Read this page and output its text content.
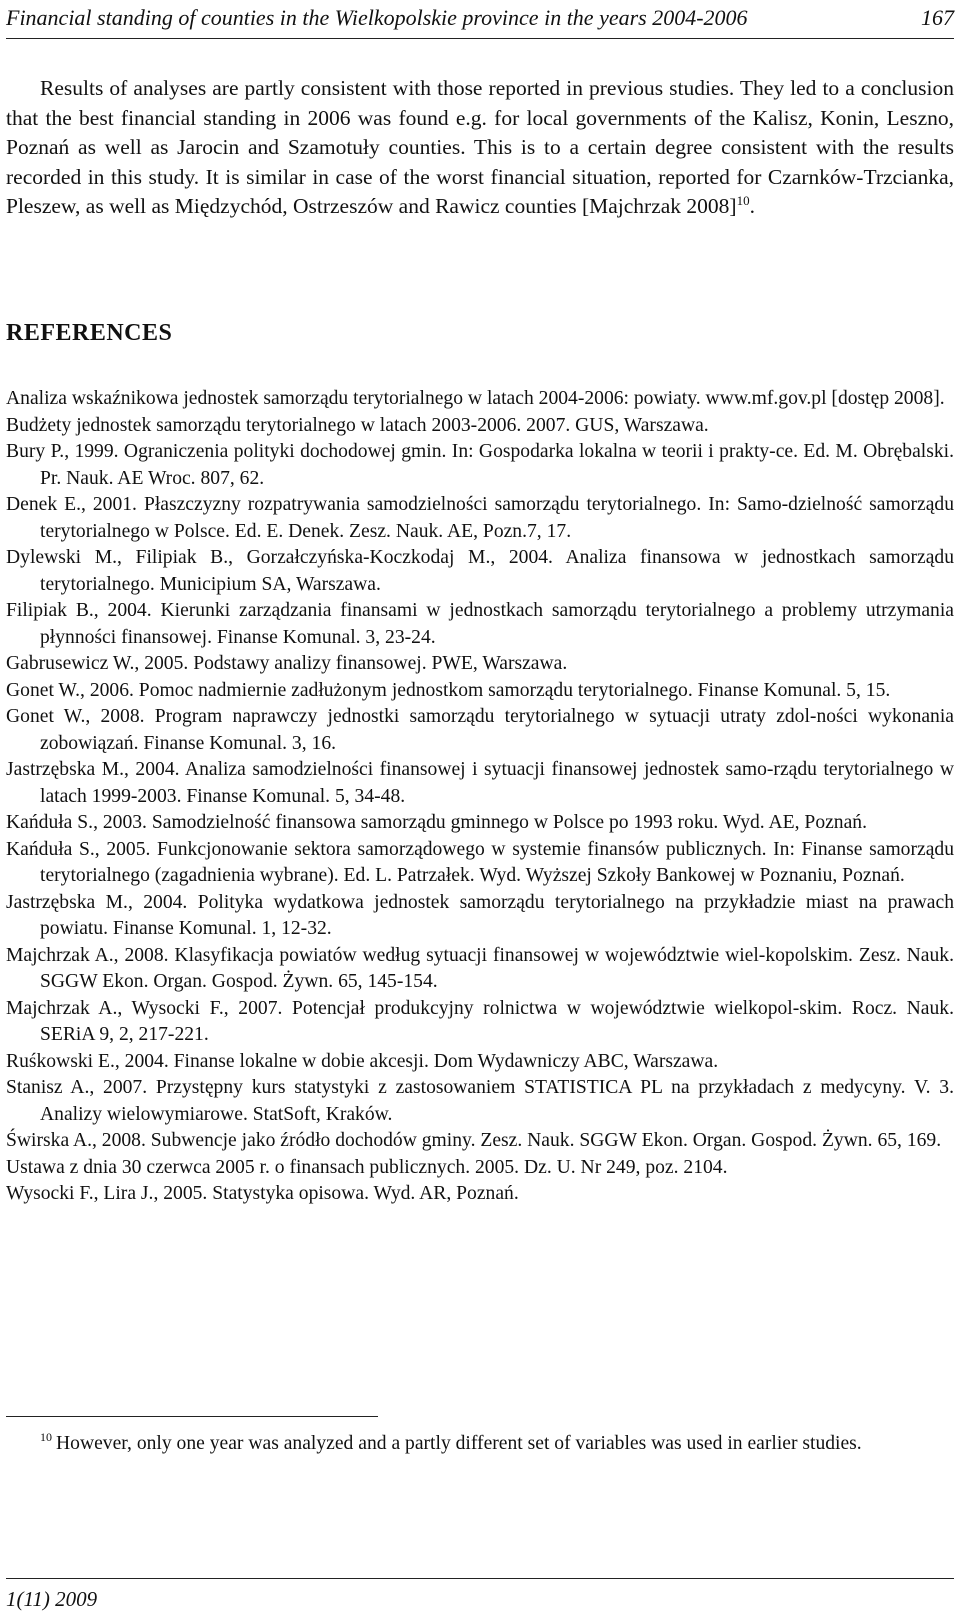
Financial standing of counties in the Wielkopolskie province in the years 2004-2006	167

Results of analyses are partly consistent with those reported in previous studies. They led to a conclusion that the best financial standing in 2006 was found e.g. for local governments of the Kalisz, Konin, Leszno, Poznań as well as Jarocin and Szamotuły counties. This is to a certain degree consistent with the results recorded in this study. It is similar in case of the worst financial situation, reported for Czarnków-Trzcianka, Pleszew, as well as Międzychód, Ostrzeszów and Rawicz counties [Majchrzak 2008]$^{10}$.

REFERENCES
Analiza wskaźnikowa jednostek samorządu terytorialnego w latach 2004-2006: powiaty. www.mf.gov.pl [dostęp 2008].
Budżety jednostek samorządu terytorialnego w latach 2003-2006. 2007. GUS, Warszawa.
Bury P., 1999. Ograniczenia polityki dochodowej gmin. In: Gospodarka lokalna w teorii i prakty-ce. Ed. M. Obrębalski. Pr. Nauk. AE Wroc. 807, 62.
Denek E., 2001. Płaszczyzny rozpatrywania samodzielności samorządu terytorialnego. In: Samo-dzielność samorządu terytorialnego w Polsce. Ed. E. Denek. Zesz. Nauk. AE, Pozn.7, 17.
Dylewski M., Filipiak B., Gorzałczyńska-Koczkodaj M., 2004. Analiza finansowa w jednostkach samorządu terytorialnego. Municipium SA, Warszawa.
Filipiak B., 2004. Kierunki zarządzania finansami w jednostkach samorządu terytorialnego a problemy utrzymania płynności finansowej. Finanse Komunal. 3, 23-24.
Gabrusewicz W., 2005. Podstawy analizy finansowej. PWE, Warszawa.
Gonet W., 2006. Pomoc nadmiernie zadłużonym jednostkom samorządu terytorialnego. Finanse Komunal. 5, 15.
Gonet W., 2008. Program naprawczy jednostki samorządu terytorialnego w sytuacji utraty zdol-ności wykonania zobowiązań. Finanse Komunal. 3, 16.
Jastrzębska M., 2004. Analiza samodzielności finansowej i sytuacji finansowej jednostek samo-rządu terytorialnego w latach 1999-2003. Finanse Komunal. 5, 34-48.
Kańduła S., 2003. Samodzielność finansowa samorządu gminnego w Polsce po 1993 roku. Wyd. AE, Poznań.
Kańduła S., 2005. Funkcjonowanie sektora samorządowego w systemie finansów publicznych. In: Finanse samorządu terytorialnego (zagadnienia wybrane). Ed. L. Patrzałek. Wyd. Wyższej Szkoły Bankowej w Poznaniu, Poznań.
Jastrzębska M., 2004. Polityka wydatkowa jednostek samorządu terytorialnego na przykładzie miast na prawach powiatu. Finanse Komunal. 1, 12-32.
Majchrzak A., 2008. Klasyfikacja powiatów według sytuacji finansowej w województwie wiel-kopolskim. Zesz. Nauk. SGGW Ekon. Organ. Gospod. Żywn. 65, 145-154.
Majchrzak A., Wysocki F., 2007. Potencjał produkcyjny rolnictwa w województwie wielkopol-skim. Rocz. Nauk. SERiA 9, 2, 217-221.
Ruśkowski E., 2004. Finanse lokalne w dobie akcesji. Dom Wydawniczy ABC, Warszawa.
Stanisz A., 2007. Przystępny kurs statystyki z zastosowaniem STATISTICA PL na przykładach z medycyny. V. 3. Analizy wielowymiarowe. StatSoft, Kraków.
Świrska A., 2008. Subwencje jako źródło dochodów gminy. Zesz. Nauk. SGGW Ekon. Organ. Gospod. Żywn. 65, 169.
Ustawa z dnia 30 czerwca 2005 r. o finansach publicznych. 2005. Dz. U. Nr 249, poz. 2104.
Wysocki F., Lira J., 2005. Statystyka opisowa. Wyd. AR, Poznań.

$^{10}$ However, only one year was analyzed and a partly different set of variables was used in earlier studies.

1(11) 2009
